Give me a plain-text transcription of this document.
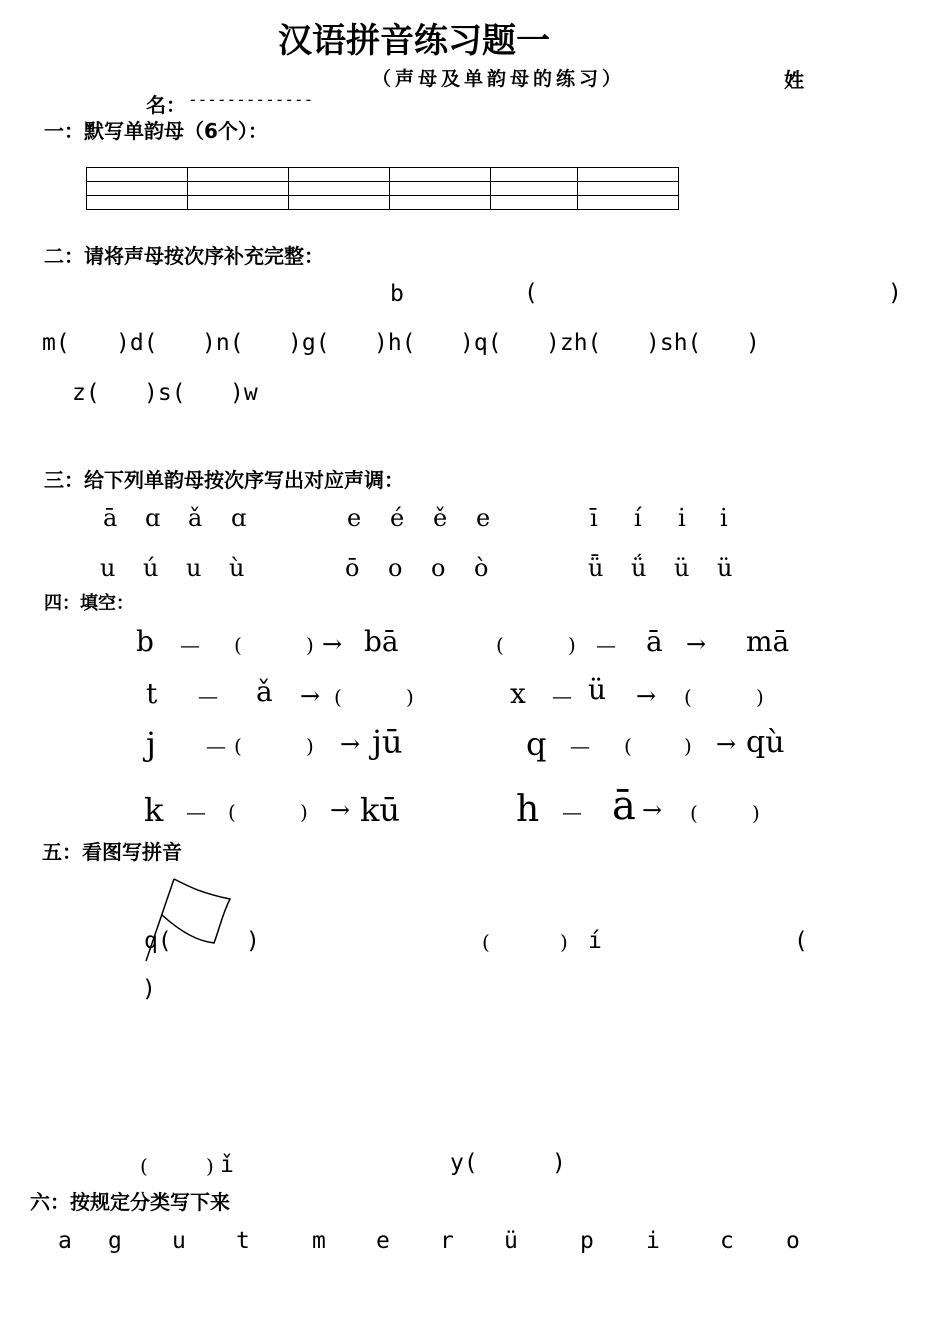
汉语拼音练习题一
（声母及单韵母的练习）	姓
名： -------------
一：默写单韵母（6个）：

二：请将声母按次序补充完整：
b	(	)
m( )d( )n( )g( )h( )q( )zh( )sh( )
z( )s( )w
三：给下列单韵母按次序写出对应声调：
ā ɑ ǎ ɑ	e é ě e	ī í i i
u ú u ù	ō o o ò	ǖ ǘ ü ü
四：填空：
b — (	) → bā	(	) — ā → mā
t — ǎ → (	)	x — ü → (	)
j	— (	) → jū	q — (	) → qù
k — (	) → kū	h — ā → (	)
五：看图写拼音
q(	)	(	) í	(
)
(	) ǐ	y(	)
六：按规定分类写下来
a g u t	m e r ü	p i	c o
